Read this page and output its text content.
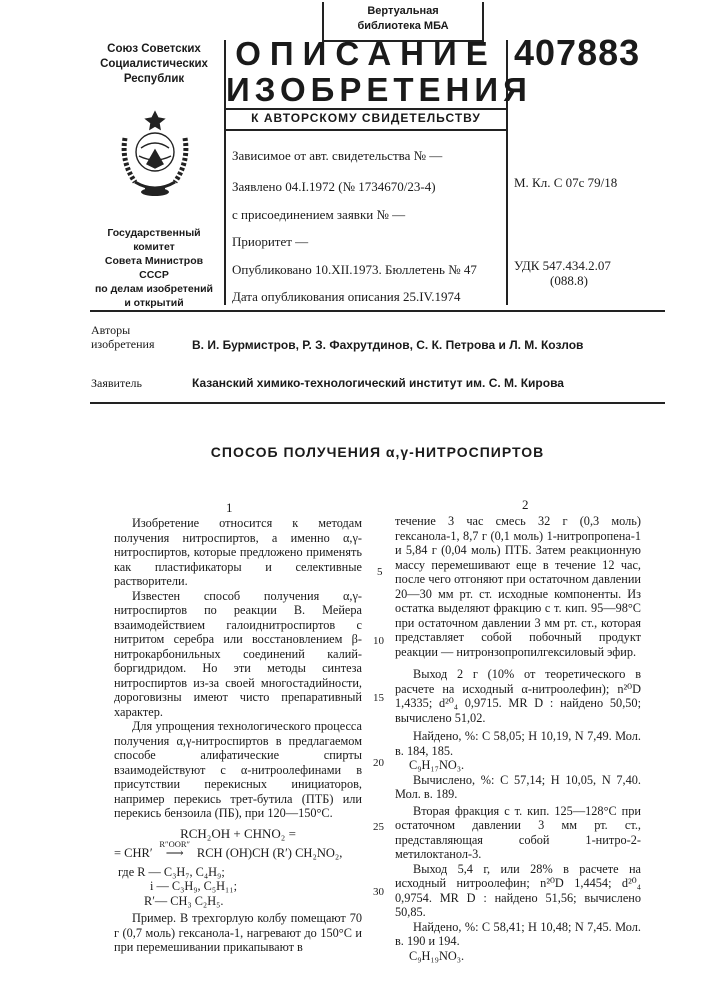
Вертуальная
библиотека МБА
Союз Советских
Социалистических
Республик
Государственный комитет
Совета Министров СССР
по делам изобретений
и открытий
ОПИСАНИЕ
ИЗОБРЕТЕНИЯ
К АВТОРСКОМУ СВИДЕТЕЛЬСТВУ
407883
Зависимое от авт. свидетельства № —
Заявлено 04.I.1972 (№ 1734670/23-4)
с присоединением заявки № —
Приоритет —
Опубликовано 10.XII.1973. Бюллетень № 47
Дата опубликования описания 25.IV.1974
М. Кл. С 07с 79/18
УДК 547.434.2.07
(088.8)
Авторы
изобретения	В. И. Бурмистров, Р. З. Фахрутдинов, С. К. Петрова и Л. М. Козлов
Заявитель	Казанский химико-технологический институт им. С. М. Кирова
СПОСОБ ПОЛУЧЕНИЯ α,γ-НИТРОСПИРТОВ
1	2

Изобретение относится к методам получения нитроспиртов, а именно α,γ-нитроспиртов, которые предложено применять как пластификаторы и селективные растворители.

Известен способ получения α,γ-нитроспиртов по реакции В. Мейера взаимодействием галоиднитроспиртов с нитритом серебра или восстановлением β-нитрокарбонильных соединений калий-боргидридом. Но эти методы синтеза нитроспиртов из-за своей многостадийности, дороговизны имеют чисто препаративный характер.

Для упрощения технологического процесса получения α,γ-нитроспиртов в предлагаемом способе алифатические спирты взаимодействуют с α-нитроолефинами в присутствии перекисных инициаторов, например перекись трет-бутила (ПТБ) или перекись бензоила (ПБ), при 120—150°С.

RCH₂OH + CHNO₂ =
= CHR′
R″OOR″
⟶ RCH (OH)CH (R′) CH₂NO₂,
где R — C₃H₇, C₄H₉;
i — C₃H₉, C₅H₁₁;
R′— CH₃ C₂H₅.

Пример. В трехгорлую колбу помещают 70 г (0,7 моль) гексанола-1, нагревают до 150°С и при перемешивании прикапывают в

5
10
15
20
25
30

течение 3 час смесь 32 г (0,3 моль) гексанола-1, 8,7 г (0,1 моль) 1-нитропропена-1 и 5,84 г (0,04 моль) ПТБ. Затем реакционную массу перемешивают еще в течение 12 час, после чего отгоняют при остаточном давлении 20—30 мм рт. ст. исходные компоненты. Из остатка выделяют фракцию с т. кип. 95—98°С при остаточном давлении 3 мм рт. ст., которая представляет собой побочный продукт реакции — нитронзопропилгексиловый эфир.

Выход 2 г (10% от теоретического в расчете на исходный α-нитроолефин); n²⁰D 1,4335; d²⁰₄ 0,9715. MR D : найдено 50,50; вычислено 51,02.

Найдено, %: С 58,05; Н 10,19, N 7,49. Мол. в. 184, 185.

C₉H₁₇NO₃.

Вычислено, %: С 57,14; Н 10,05, N 7,40. Мол. в. 189.

Вторая фракция с т. кип. 125—128°С при остаточном давлении 3 мм рт. ст., представляющая собой 1-нитро-2-метилоктанол-3.

Выход 5,4 г, или 28% в расчете на исходный нитроолефин; n²⁰D 1,4454; d²⁰₄ 0,9754. MR D : найдено 51,56; вычислено 50,85.

Найдено, %: С 58,41; Н 10,48; N 7,45. Мол. в. 190 и 194.

C₉H₁₉NO₃.
